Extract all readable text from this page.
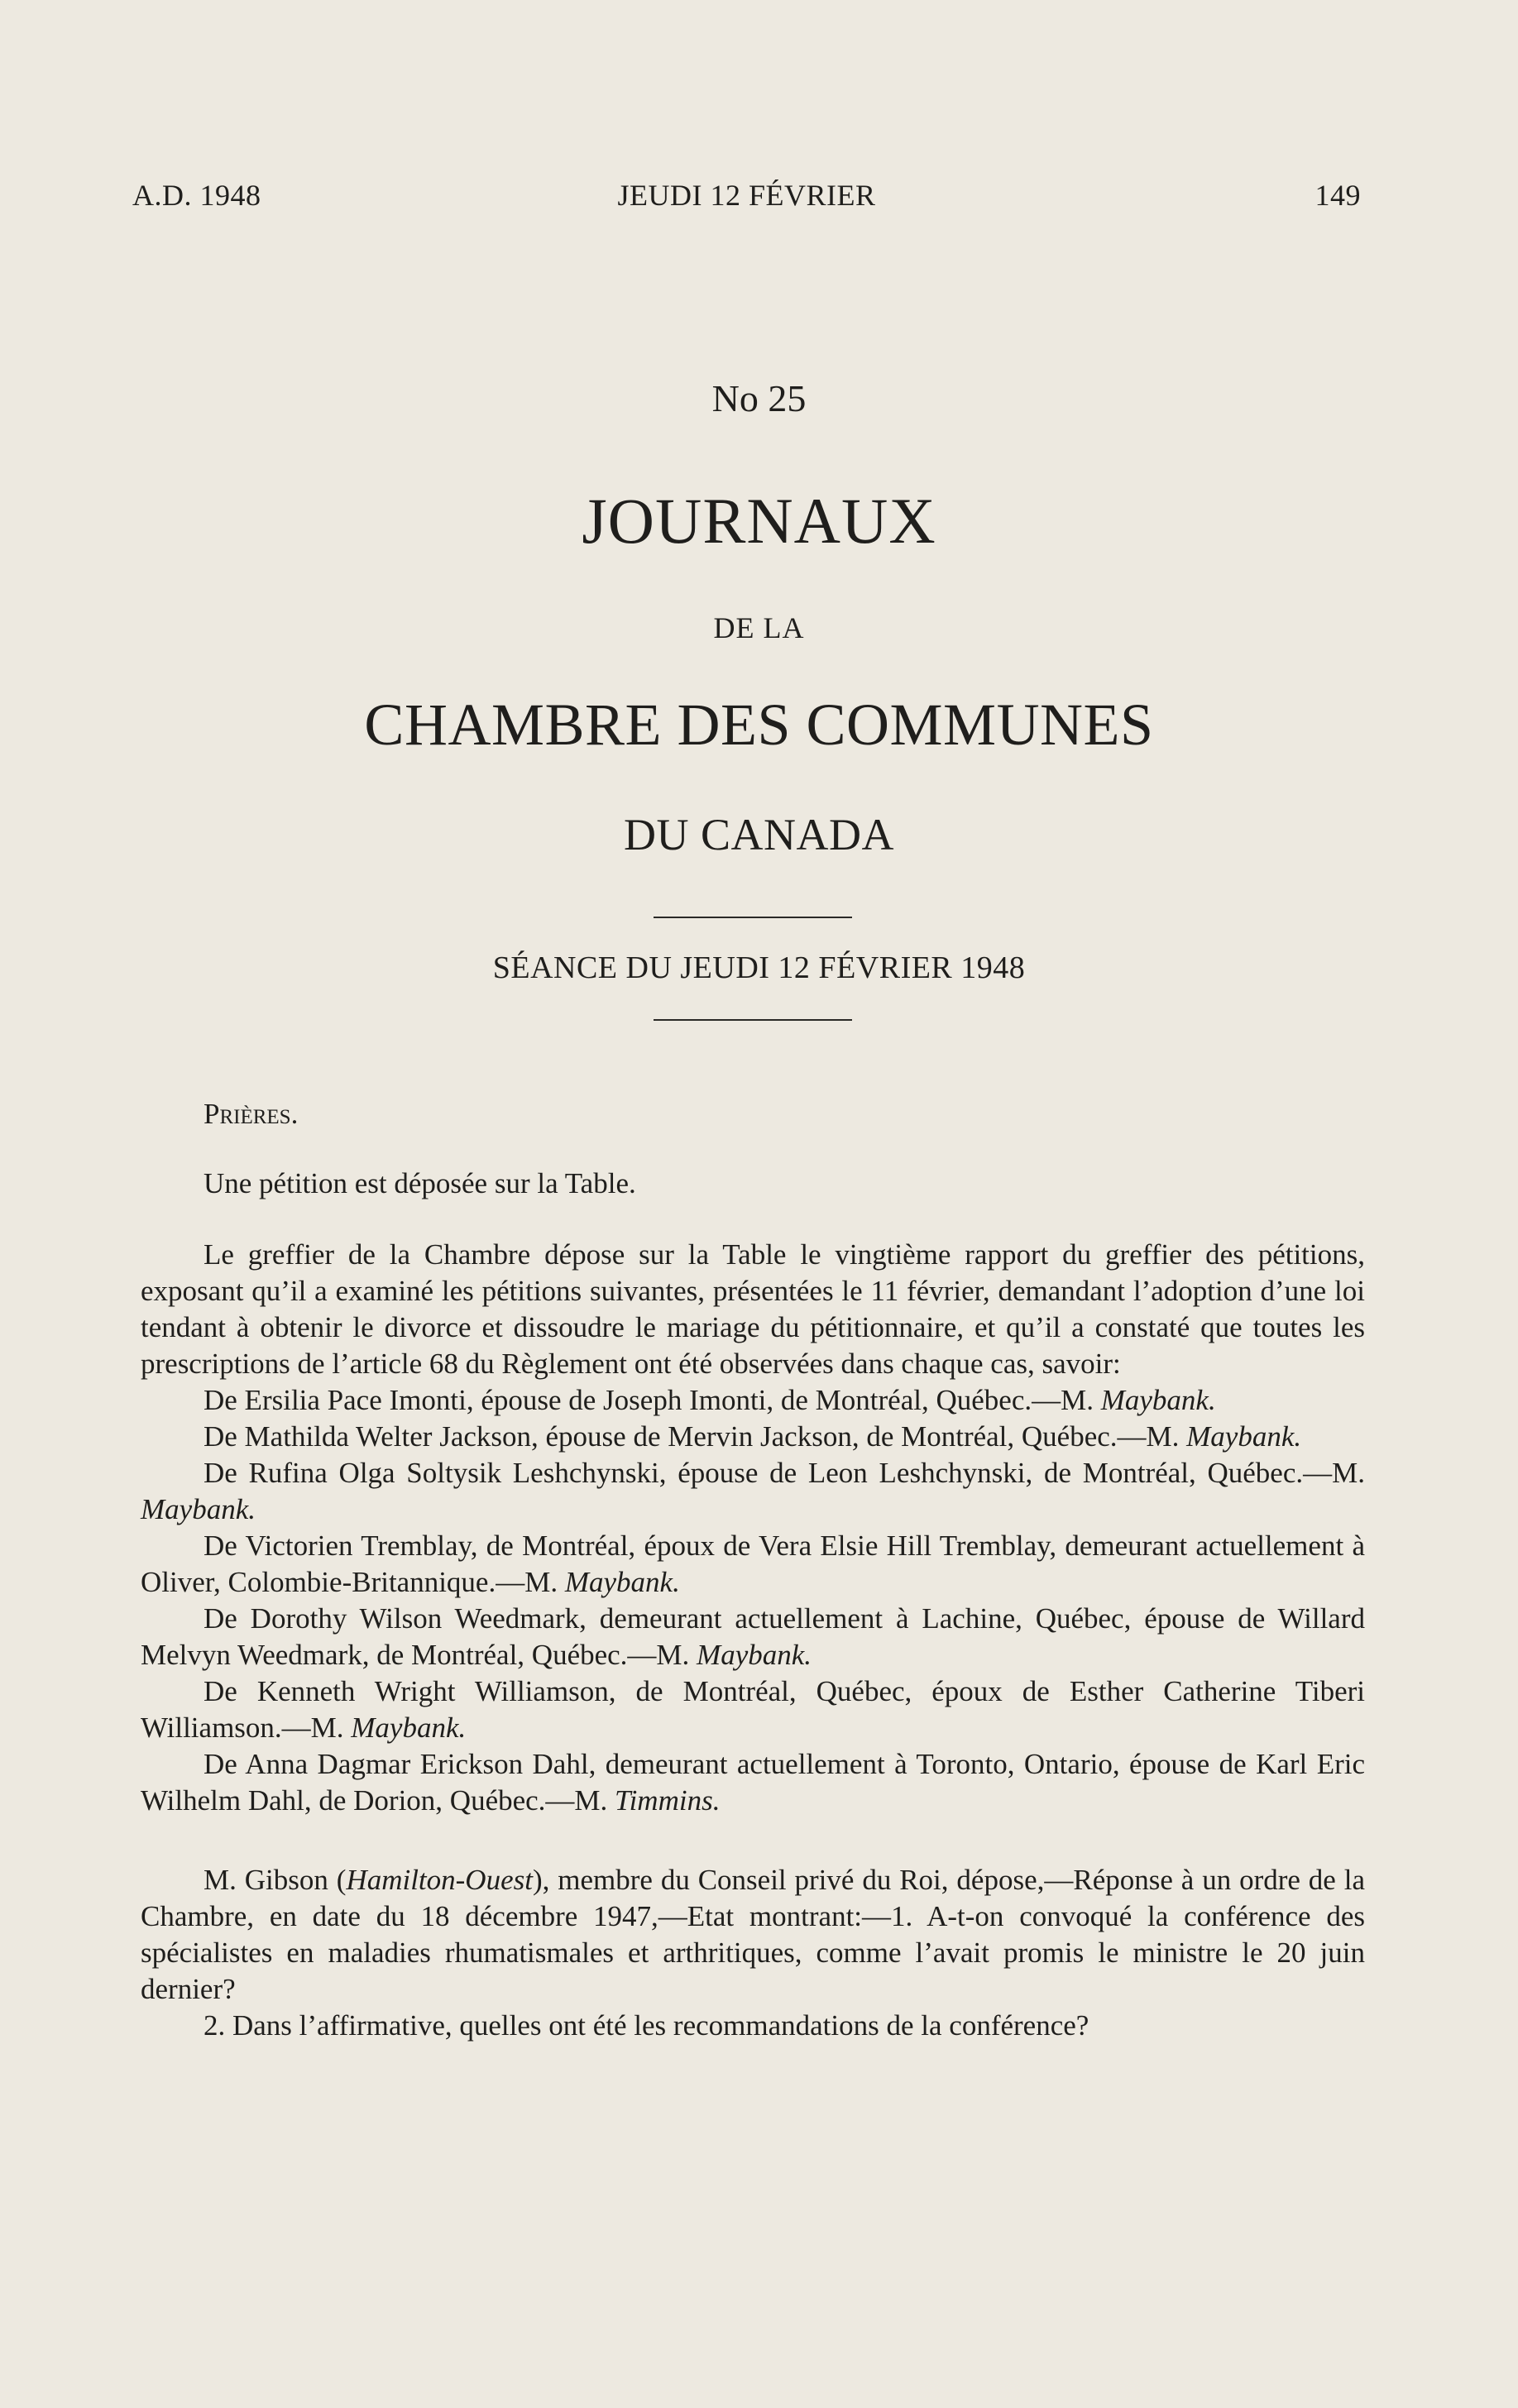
A.D. 1948	JEUDI 12 FÉVRIER	149
No 25
JOURNAUX
DE LA
CHAMBRE DES COMMUNES
DU CANADA
SÉANCE DU JEUDI 12 FÉVRIER 1948

Prières.

Une pétition est déposée sur la Table.

Le greffier de la Chambre dépose sur la Table le vingtième rapport du greffier des pétitions, exposant qu’il a examiné les pétitions suivantes, présentées le 11 février, demandant l’adoption d’une loi tendant à obtenir le divorce et dissoudre le mariage du pétitionnaire, et qu’il a constaté que toutes les prescriptions de l’article 68 du Règlement ont été observées dans chaque cas, savoir:

De Ersilia Pace Imonti, épouse de Joseph Imonti, de Montréal, Québec.—M. Maybank.

De Mathilda Welter Jackson, épouse de Mervin Jackson, de Montréal, Québec.—M. Maybank.

De Rufina Olga Soltysik Leshchynski, épouse de Leon Leshchynski, de Montréal, Québec.—M. Maybank.

De Victorien Tremblay, de Montréal, époux de Vera Elsie Hill Tremblay, demeurant actuellement à Oliver, Colombie-Britannique.—M. Maybank.

De Dorothy Wilson Weedmark, demeurant actuellement à Lachine, Québec, épouse de Willard Melvyn Weedmark, de Montréal, Québec.—M. Maybank.

De Kenneth Wright Williamson, de Montréal, Québec, époux de Esther Catherine Tiberi Williamson.—M. Maybank.

De Anna Dagmar Erickson Dahl, demeurant actuellement à Toronto, Ontario, épouse de Karl Eric Wilhelm Dahl, de Dorion, Québec.—M. Timmins.

M. Gibson (Hamilton-Ouest), membre du Conseil privé du Roi, dépose,—Réponse à un ordre de la Chambre, en date du 18 décembre 1947,—Etat montrant:—1. A-t-on convoqué la conférence des spécialistes en maladies rhumatismales et arthritiques, comme l’avait promis le ministre le 20 juin dernier?

2. Dans l’affirmative, quelles ont été les recommandations de la conférence?
